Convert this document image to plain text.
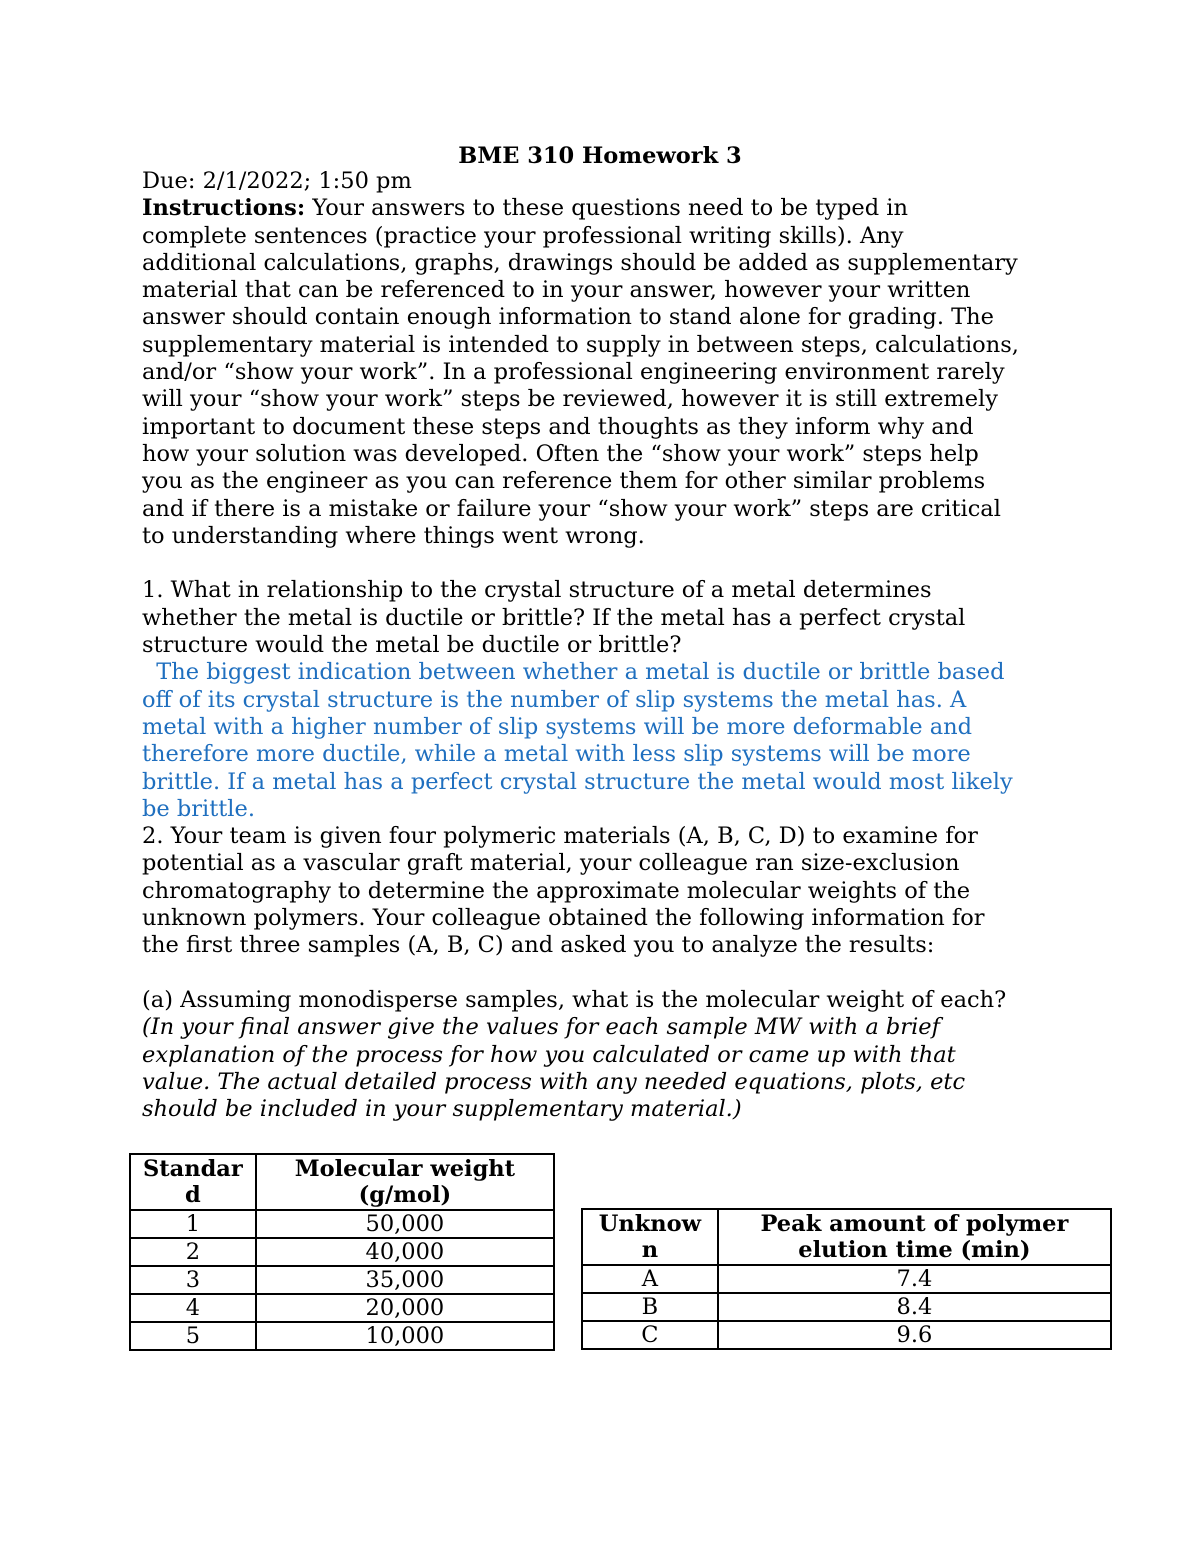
BME 310 Homework 3
Due: 2/1/2022; 1:50 pm
Instructions: Your answers to these questions need to be typed in
complete sentences (practice your professional writing skills). Any
additional calculations, graphs, drawings should be added as supplementary
material that can be referenced to in your answer, however your written
answer should contain enough information to stand alone for grading. The
supplementary material is intended to supply in between steps, calculations,
and/or “show your work”. In a professional engineering environment rarely
will your “show your work” steps be reviewed, however it is still extremely
important to document these steps and thoughts as they inform why and
how your solution was developed. Often the “show your work” steps help
you as the engineer as you can reference them for other similar problems
and if there is a mistake or failure your “show your work” steps are critical
to understanding where things went wrong.
1. What in relationship to the crystal structure of a metal determines
whether the metal is ductile or brittle? If the metal has a perfect crystal
structure would the metal be ductile or brittle?
The biggest indication between whether a metal is ductile or brittle based
off of its crystal structure is the number of slip systems the metal has. A
metal with a higher number of slip systems will be more deformable and
therefore more ductile, while a metal with less slip systems will be more
brittle. If a metal has a perfect crystal structure the metal would most likely
be brittle.
2. Your team is given four polymeric materials (A, B, C, D) to examine for
potential as a vascular graft material, your colleague ran size-exclusion
chromatography to determine the approximate molecular weights of the
unknown polymers. Your colleague obtained the following information for
the first three samples (A, B, C) and asked you to analyze the results:
(a) Assuming monodisperse samples, what is the molecular weight of each?
(In your final answer give the values for each sample MW with a brief
explanation of the process for how you calculated or came up with that
value. The actual detailed process with any needed equations, plots, etc
should be included in your supplementary material.)
Standar
d	Molecular weight
(g/mol)
1	50,000
2	40,000
3	35,000
4	20,000
5	10,000
Unknow
n	Peak amount of polymer
elution time (min)
A	7.4
B	8.4
C	9.6
